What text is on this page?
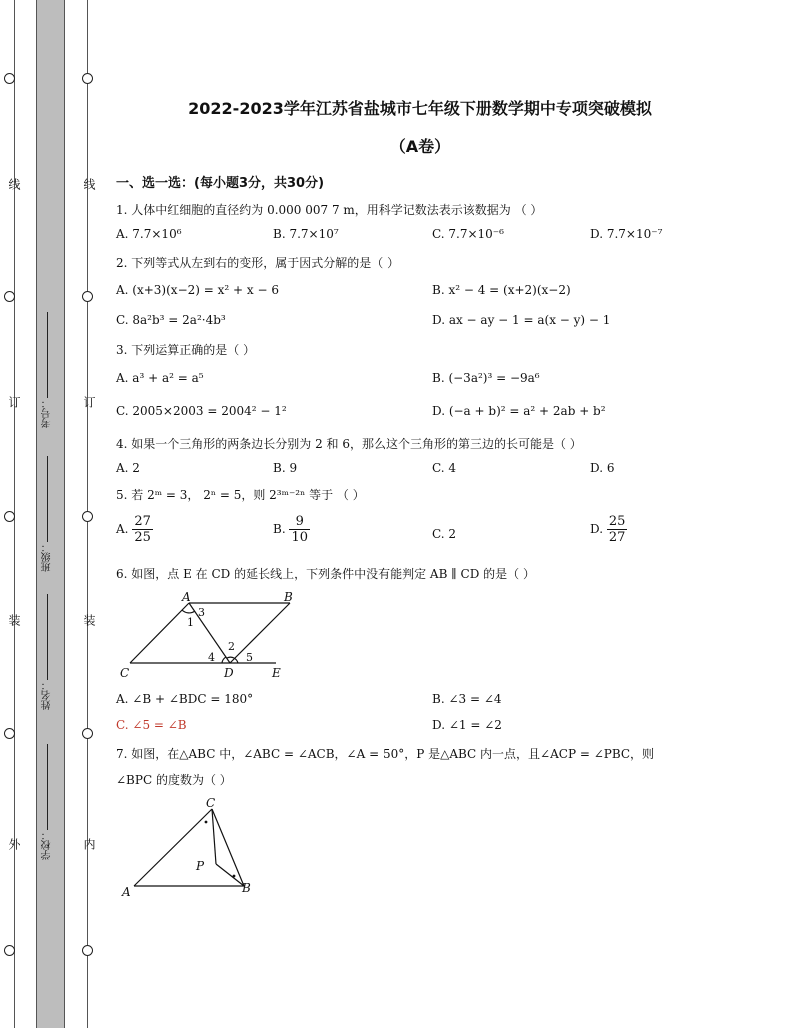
线
订
装
外
线
订
装
内
考号：
班级：
姓名：
学校：
2022-2023学年江苏省盐城市七年级下册数学期中专项突破模拟
（A卷）
一、选一选：(每小题3分，共30分)
1. 人体中红细胞的直径约为 0.000 007 7 m，用科学记数法表示该数据为 （ ）
A. 7.7×10⁶	B. 7.7×10⁷	C. 7.7×10⁻⁶	D. 7.7×10⁻⁷
2. 下列等式从左到右的变形，属于因式分解的是（ ）
A. (x+3)(x−2) = x² + x − 6	B. x² − 4 = (x+2)(x−2)
C. 8a²b³ = 2a²·4b³	D. ax − ay − 1 = a(x − y) − 1
3. 下列运算正确的是（ ）
A. a³ + a² = a⁵	B. (−3a²)³ = −9a⁶
C. 2005×2003 = 2004² − 1²	D. (−a + b)² = a² + 2ab + b²
4. 如果一个三角形的两条边长分别为 2 和 6，那么这个三角形的第三边的长可能是（ ）
A. 2	B. 9	C. 4	D. 6
5. 若 2ᵐ = 3， 2ⁿ = 5，则 2³ᵐ⁻²ⁿ 等于 （ ）
A. $\frac{27}{25}$	B. $\frac{9}{10}$	C. 2	D. $\frac{25}{27}$
6. 如图，点 E 在 CD 的延长线上，下列条件中没有能判定 AB ∥ CD 的是（ ）
A	B
C	D	E
1
2
3
4	5
A. ∠B + ∠BDC = 180°	B. ∠3 = ∠4
C. ∠5 = ∠B	D. ∠1 = ∠2
7. 如图，在△ABC 中，∠ABC = ∠ACB，∠A = 50°，P 是△ABC 内一点，且∠ACP = ∠PBC，则
∠BPC 的度数为（ ）
A	B
C
P
